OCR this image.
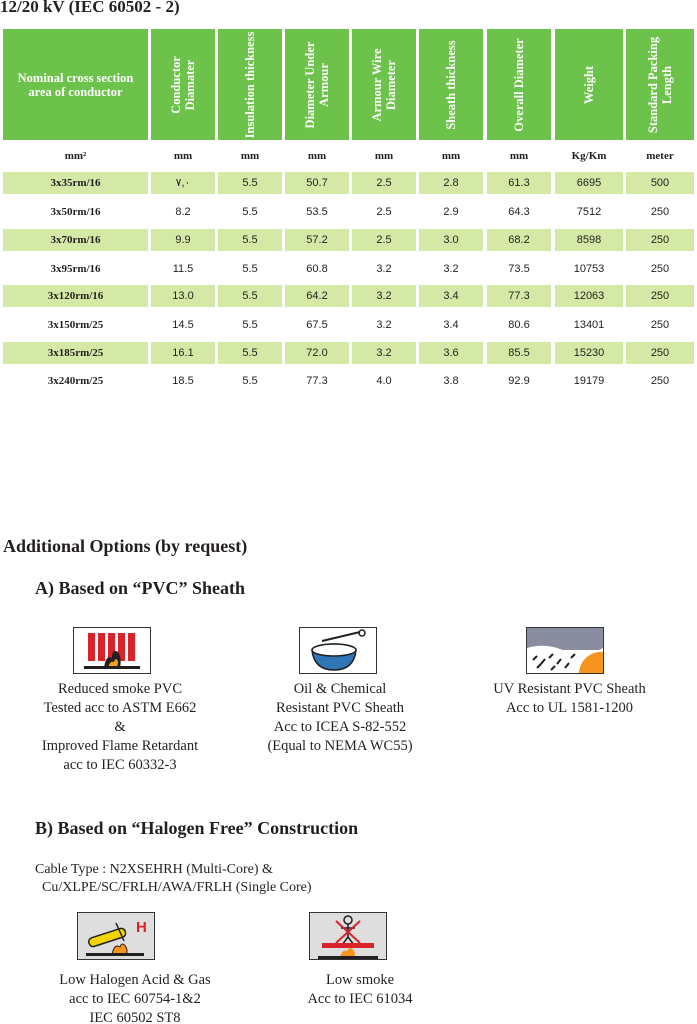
12/20 kV (IEC 60502 - 2)
Nominal cross section area of conductor	Conductor Diamater	Insulation thickness	Diameter Under Armour	Armour Wire Diameter	Sheath thickness	Overall Diameter	Weight	Standard Packing Length
mm²	mm	mm	mm	mm	mm	mm	Kg/Km	meter
3x35rm/16	٧,٠	5.5	50.7	2.5	2.8	61.3	6695	500
3x50rm/16	8.2	5.5	53.5	2.5	2.9	64.3	7512	250
3x70rm/16	9.9	5.5	57.2	2.5	3.0	68.2	8598	250
3x95rm/16	11.5	5.5	60.8	3.2	3.2	73.5	10753	250
3x120rm/16	13.0	5.5	64.2	3.2	3.4	77.3	12063	250
3x150rm/25	14.5	5.5	67.5	3.2	3.4	80.6	13401	250
3x185rm/25	16.1	5.5	72.0	3.2	3.6	85.5	15230	250
3x240rm/25	18.5	5.5	77.3	4.0	3.8	92.9	19179	250
Additional Options (by request)
A) Based on “PVC” Sheath
Reduced smoke PVC
Tested acc to ASTM E662
&
Improved Flame Retardant
acc to IEC 60332-3
Oil & Chemical
Resistant PVC Sheath
Acc to ICEA S-82-552
(Equal to NEMA WC55)
UV Resistant PVC Sheath
Acc to UL 1581-1200
B) Based on “Halogen Free” Construction
Cable Type : N2XSEHRH (Multi-Core) &
Cu/XLPE/SC/FRLH/AWA/FRLH (Single Core)
H
Low Halogen Acid & Gas
acc to IEC 60754-1&2
IEC 60502 ST8
Low smoke
Acc to IEC 61034
